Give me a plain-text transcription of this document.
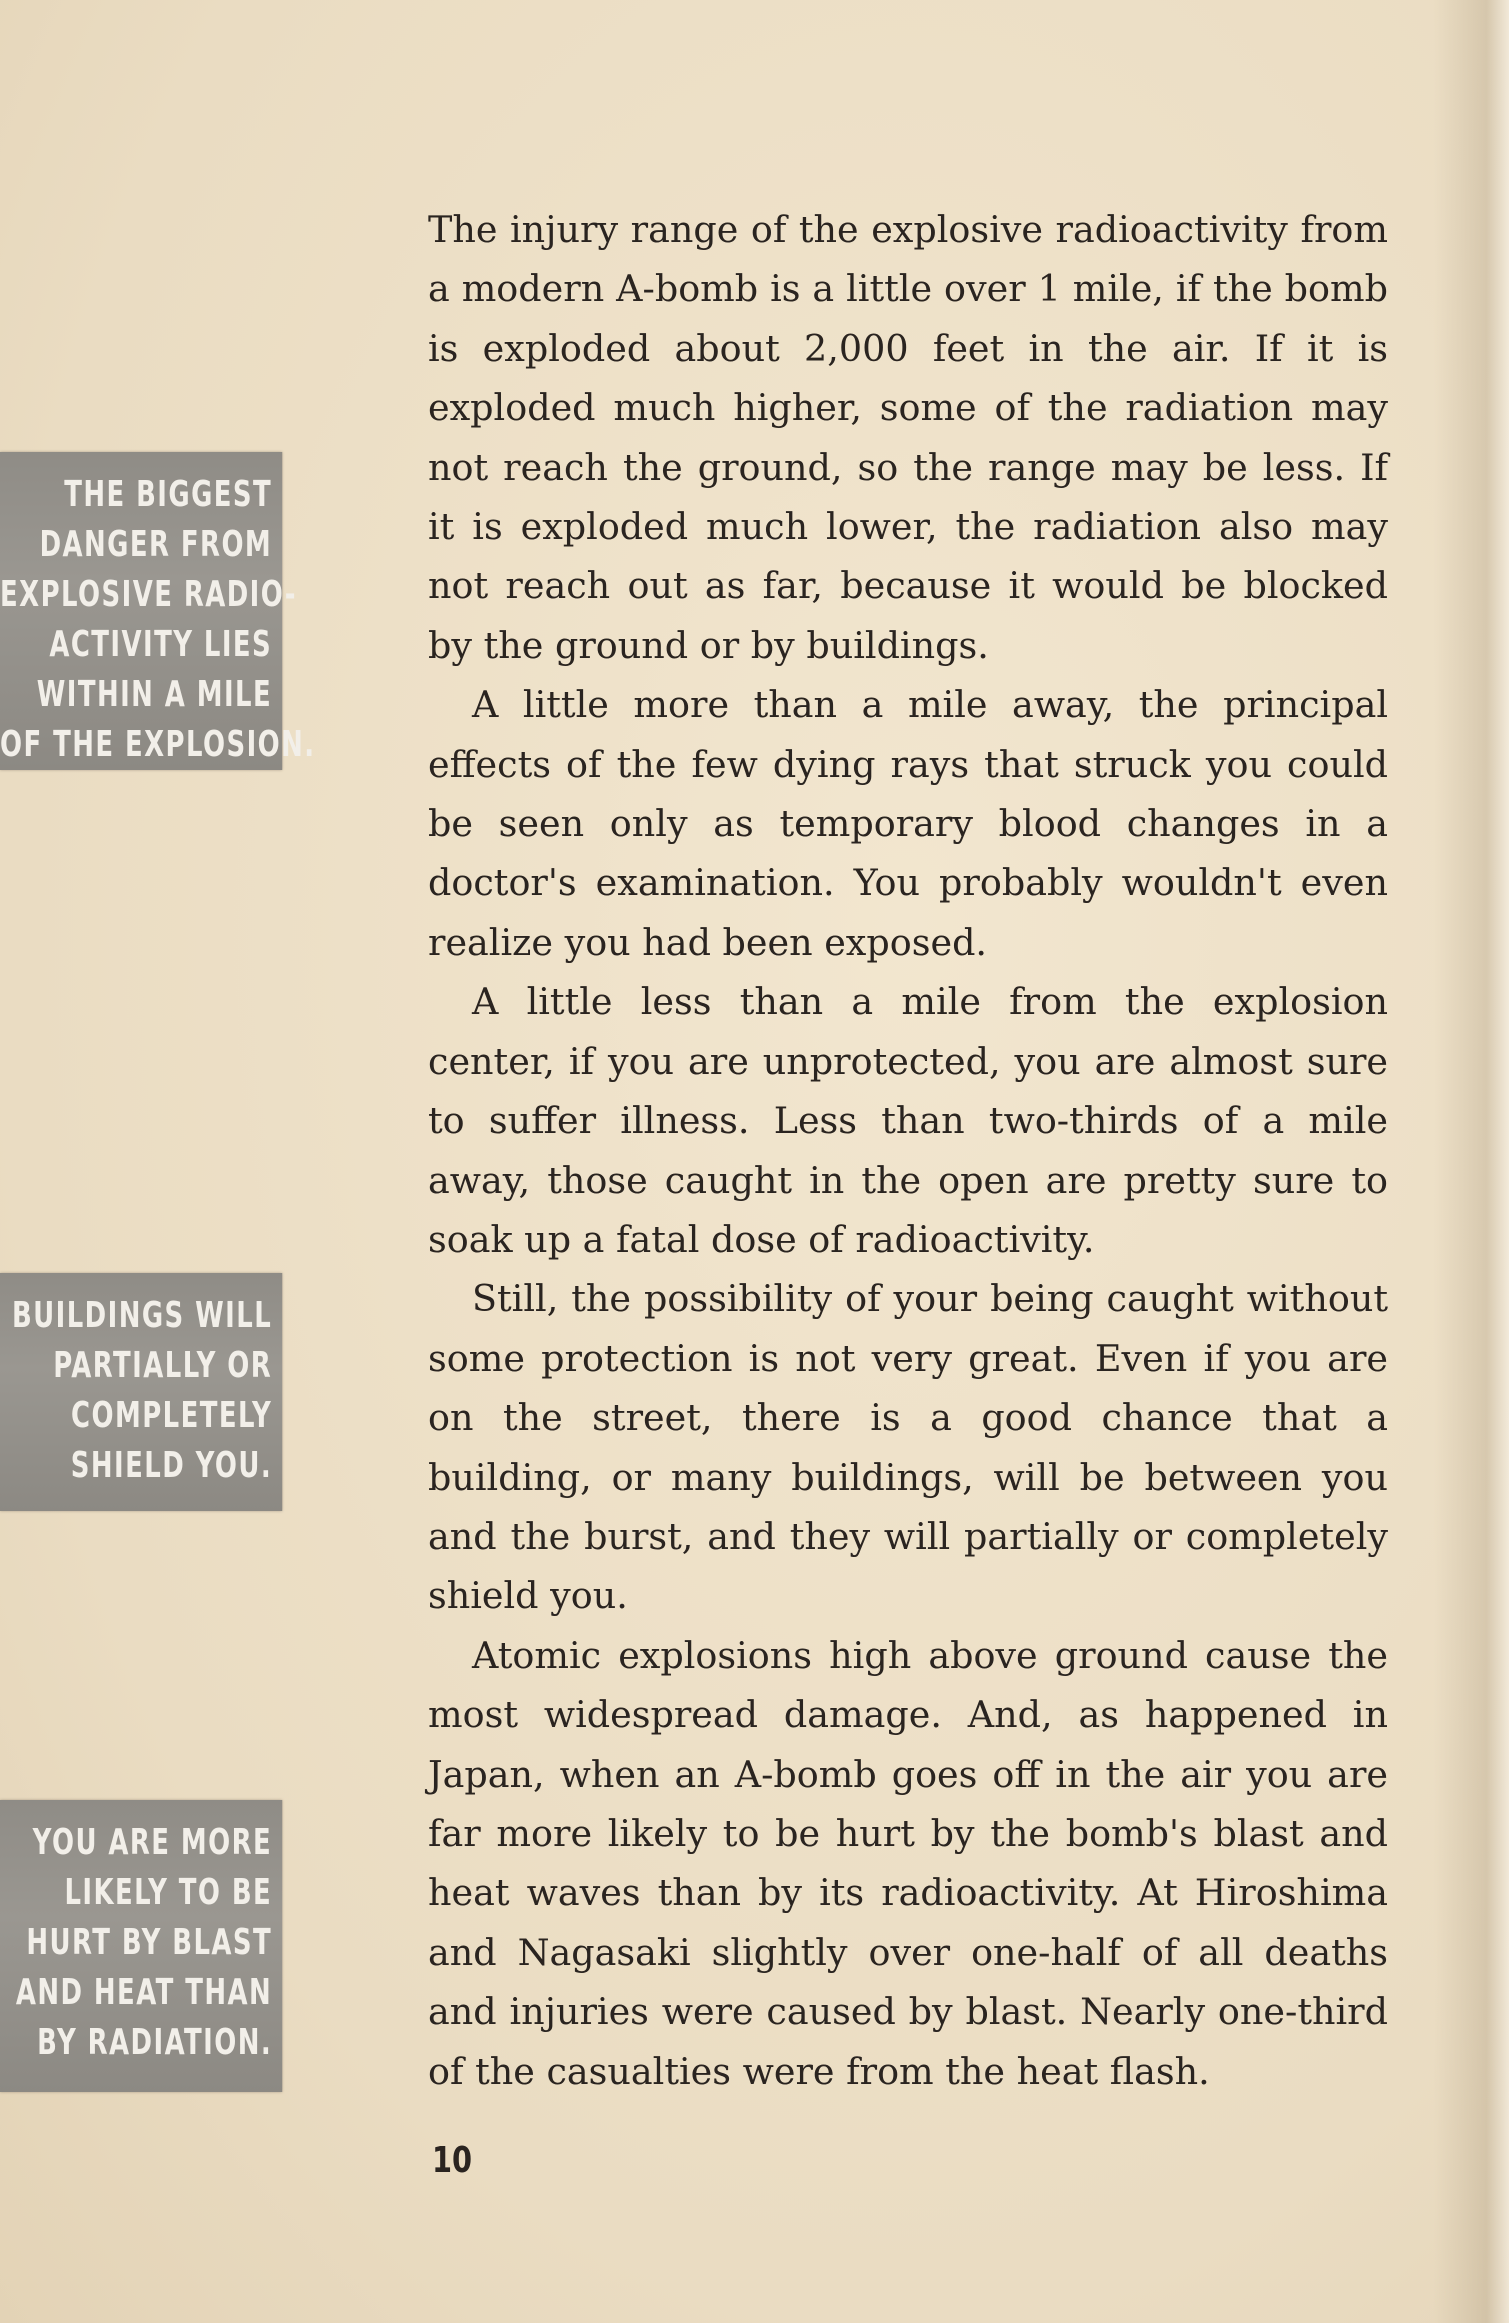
THE BIGGEST
DANGER FROM
EXPLOSIVE RADIO-
ACTIVITY LIES
WITHIN A MILE
OF THE EXPLOSION.
BUILDINGS WILL
PARTIALLY OR
COMPLETELY
SHIELD YOU.
YOU ARE MORE
LIKELY TO BE
HURT BY BLAST
AND HEAT THAN
BY RADIATION.

The injury range of the explosive radioactivity from a modern A-bomb is a little over 1 mile, if the bomb is exploded about 2,000 feet in the air. If it is exploded much higher, some of the radiation may not reach the ground, so the range may be less. If it is exploded much lower, the radiation also may not reach out as far, because it would be blocked by the ground or by buildings.

A little more than a mile away, the principal effects of the few dying rays that struck you could be seen only as temporary blood changes in a doctor's examination. You probably wouldn't even realize you had been exposed.

A little less than a mile from the explosion center, if you are unprotected, you are almost sure to suffer illness. Less than two-thirds of a mile away, those caught in the open are pretty sure to soak up a fatal dose of radioactivity.

Still, the possibility of your being caught without some protection is not very great. Even if you are on the street, there is a good chance that a building, or many buildings, will be between you and the burst, and they will partially or completely shield you.

Atomic explosions high above ground cause the most widespread damage. And, as happened in Japan, when an A-bomb goes off in the air you are far more likely to be hurt by the bomb's blast and heat waves than by its radioactivity. At Hiroshima and Nagasaki slightly over one-half of all deaths and injuries were caused by blast. Nearly one-third of the casualties were from the heat flash.

10
